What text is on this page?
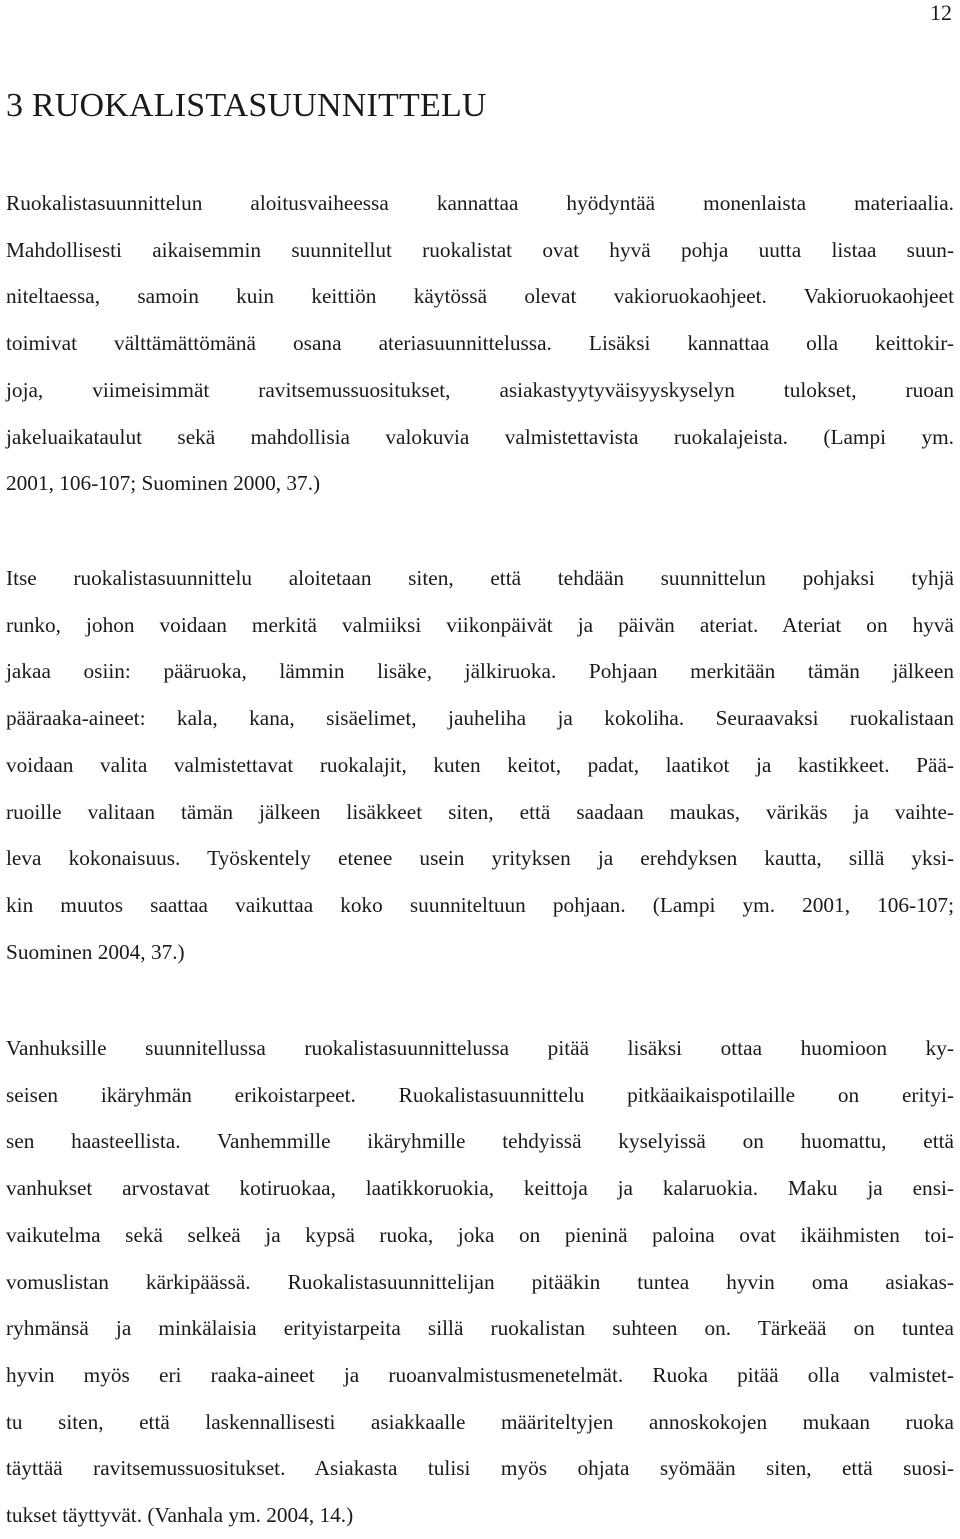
12
3 RUOKALISTASUUNNITTELU

Ruokalistasuunnittelun aloitusvaiheessa kannattaa hyödyntää monenlaista materiaalia.
Mahdollisesti aikaisemmin suunnitellut ruokalistat ovat hyvä pohja uutta listaa suun-
niteltaessa, samoin kuin keittiön käytössä olevat vakioruokaohjeet. Vakioruokaohjeet
toimivat välttämättömänä osana ateriasuunnittelussa. Lisäksi kannattaa olla keittokir-
joja, viimeisimmät ravitsemussuositukset, asiakastyytyväisyyskyselyn tulokset, ruoan
jakeluaikataulut sekä mahdollisia valokuvia valmistettavista ruokalajeista. (Lampi ym.
2001, 106-107; Suominen 2000, 37.)

Itse ruokalistasuunnittelu aloitetaan siten, että tehdään suunnittelun pohjaksi tyhjä
runko, johon voidaan merkitä valmiiksi viikonpäivät ja päivän ateriat. Ateriat on hyvä
jakaa osiin: pääruoka, lämmin lisäke, jälkiruoka. Pohjaan merkitään tämän jälkeen
pääraaka-aineet: kala, kana, sisäelimet, jauheliha ja kokoliha. Seuraavaksi ruokalistaan
voidaan valita valmistettavat ruokalajit, kuten keitot, padat, laatikot ja kastikkeet. Pää-
ruoille valitaan tämän jälkeen lisäkkeet siten, että saadaan maukas, värikäs ja vaihte-
leva kokonaisuus. Työskentely etenee usein yrityksen ja erehdyksen kautta, sillä yksi-
kin muutos saattaa vaikuttaa koko suunniteltuun pohjaan. (Lampi ym. 2001, 106-107;
Suominen 2004, 37.)

Vanhuksille suunnitellussa ruokalistasuunnittelussa pitää lisäksi ottaa huomioon ky-
seisen ikäryhmän erikoistarpeet. Ruokalistasuunnittelu pitkäaikaispotilaille on erityi-
sen haasteellista. Vanhemmille ikäryhmille tehdyissä kyselyissä on huomattu, että
vanhukset arvostavat kotiruokaa, laatikkoruokia, keittoja ja kalaruokia. Maku ja ensi-
vaikutelma sekä selkeä ja kypsä ruoka, joka on pieninä paloina ovat ikäihmisten toi-
vomuslistan kärkipäässä. Ruokalistasuunnittelijan pitääkin tuntea hyvin oma asiakas-
ryhmänsä ja minkälaisia erityistarpeita sillä ruokalistan suhteen on. Tärkeää on tuntea
hyvin myös eri raaka-aineet ja ruoanvalmistusmenetelmät. Ruoka pitää olla valmistet-
tu siten, että laskennallisesti asiakkaalle määriteltyjen annoskokojen mukaan ruoka
täyttää ravitsemussuositukset. Asiakasta tulisi myös ohjata syömään siten, että suosi-
tukset täyttyvät. (Vanhala ym. 2004, 14.)
